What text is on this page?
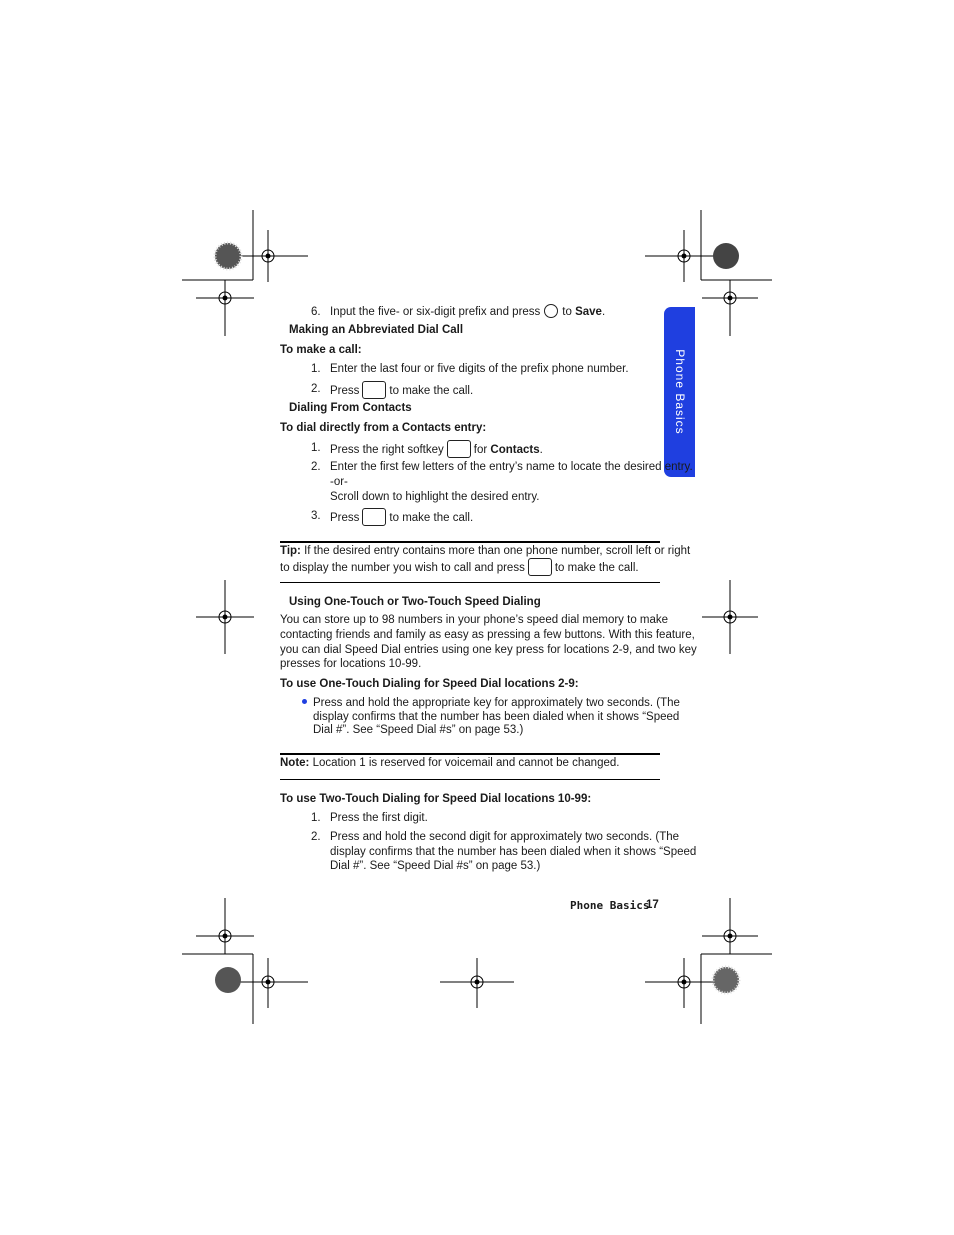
Phone Basics
6. Input the five- or six-digit prefix and press to Save.
Making an Abbreviated Dial Call
To make a call:
1. Enter the last four or five digits of the prefix phone number.
2. Press	to make the call.
Dialing From Contacts
To dial directly from a Contacts entry:
1. Press the right softkey	for Contacts.
2. Enter the first few letters of the entry’s name to locate the desired entry.
-or-
Scroll down to highlight the desired entry.
3. Press	to make the call.
Tip: If the desired entry contains more than one phone number, scroll left or right
to display the number you wish to call and press	to make the call.
Using One-Touch or Two-Touch Speed Dialing
You can store up to 98 numbers in your phone’s speed dial memory to make
contacting friends and family as easy as pressing a few buttons. With this feature,
you can dial Speed Dial entries using one key press for locations 2-9, and two key
presses for locations 10-99.
To use One-Touch Dialing for Speed Dial locations 2-9:
Press and hold the appropriate key for approximately two seconds. (The
display confirms that the number has been dialed when it shows “Speed
Dial #”. See “Speed Dial #s” on page 53.)
Note: Location 1 is reserved for voicemail and cannot be changed.
To use Two-Touch Dialing for Speed Dial locations 10-99:
1. Press the first digit.
2. Press and hold the second digit for approximately two seconds. (The
display confirms that the number has been dialed when it shows “Speed
Dial #”. See “Speed Dial #s” on page 53.)
Phone Basics
17
